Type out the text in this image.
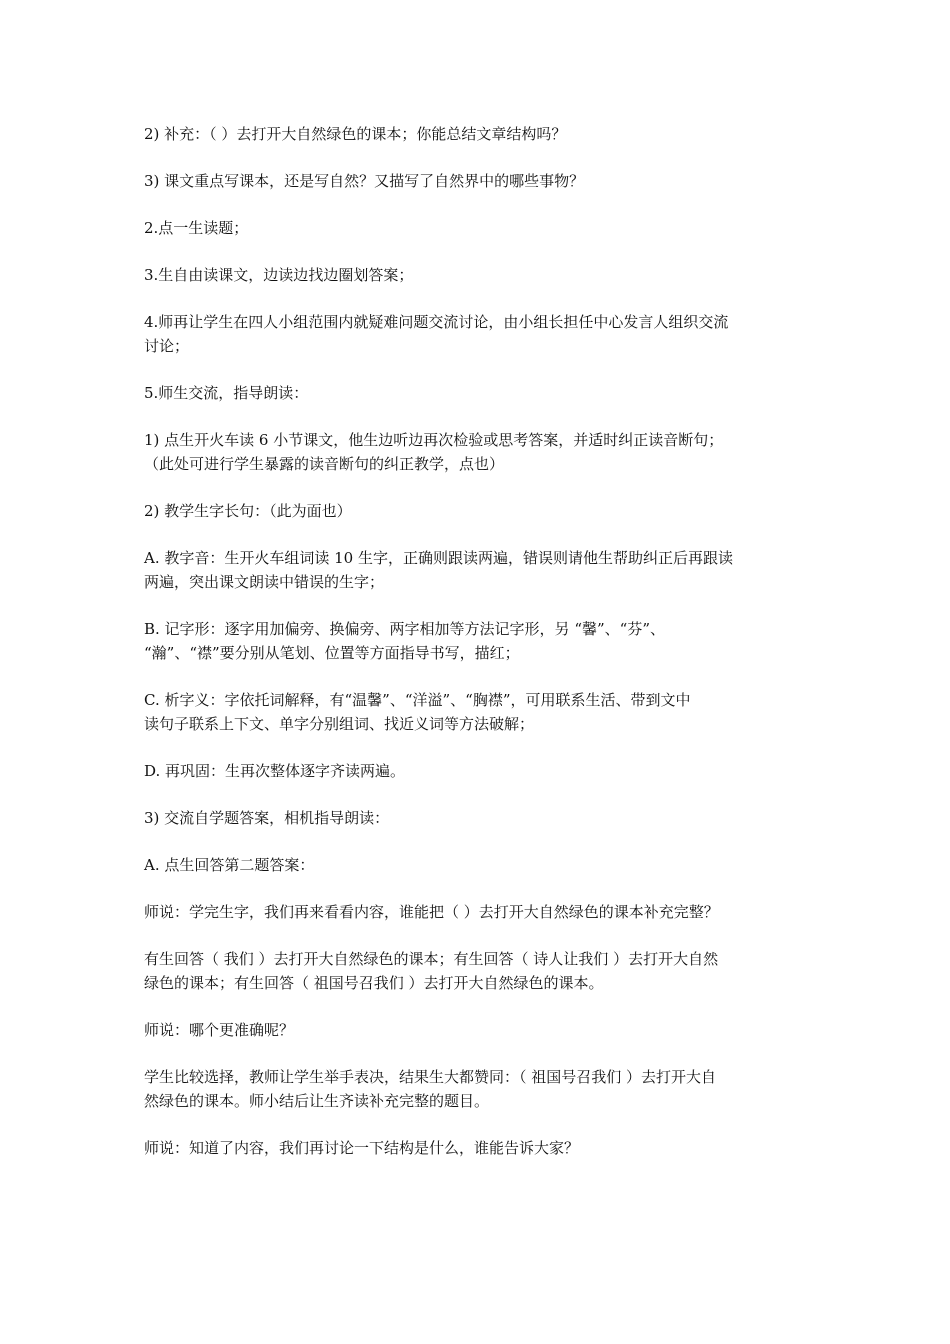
2) 补充：（ ）去打开大自然绿色的课本；你能总结文章结构吗？

3) 课文重点写课本，还是写自然？又描写了自然界中的哪些事物？

2.点一生读题；

3.生自由读课文，边读边找边圈划答案；

4.师再让学生在四人小组范围内就疑难问题交流讨论，由小组长担任中心发言人组织交流
讨论；

5.师生交流，指导朗读：

1) 点生开火车读 6 小节课文，他生边听边再次检验或思考答案，并适时纠正读音断句；
（此处可进行学生暴露的读音断句的纠正教学，点也）

2) 教学生字长句：（此为面也）

A. 教字音：生开火车组词读 10 生字，正确则跟读两遍，错误则请他生帮助纠正后再跟读
两遍，突出课文朗读中错误的生字；

B. 记字形：逐字用加偏旁、换偏旁、两字相加等方法记字形，另 “馨”、“芬”、
“瀚”、“襟”要分别从笔划、位置等方面指导书写，描红；

C. 析字义：字依托词解释，有“温馨”、“洋溢”、“胸襟”，可用联系生活、带到文中
读句子联系上下文、单字分别组词、找近义词等方法破解；

D. 再巩固：生再次整体逐字齐读两遍。

3) 交流自学题答案，相机指导朗读：

A. 点生回答第二题答案：

师说：学完生字，我们再来看看内容，谁能把（ ）去打开大自然绿色的课本补充完整？

有生回答（ 我们 ）去打开大自然绿色的课本；有生回答（ 诗人让我们 ）去打开大自然
绿色的课本；有生回答（ 祖国号召我们 ）去打开大自然绿色的课本。

师说：哪个更准确呢？

学生比较选择，教师让学生举手表决，结果生大都赞同：（ 祖国号召我们 ）去打开大自
然绿色的课本。师小结后让生齐读补充完整的题目。

师说：知道了内容，我们再讨论一下结构是什么，谁能告诉大家？
